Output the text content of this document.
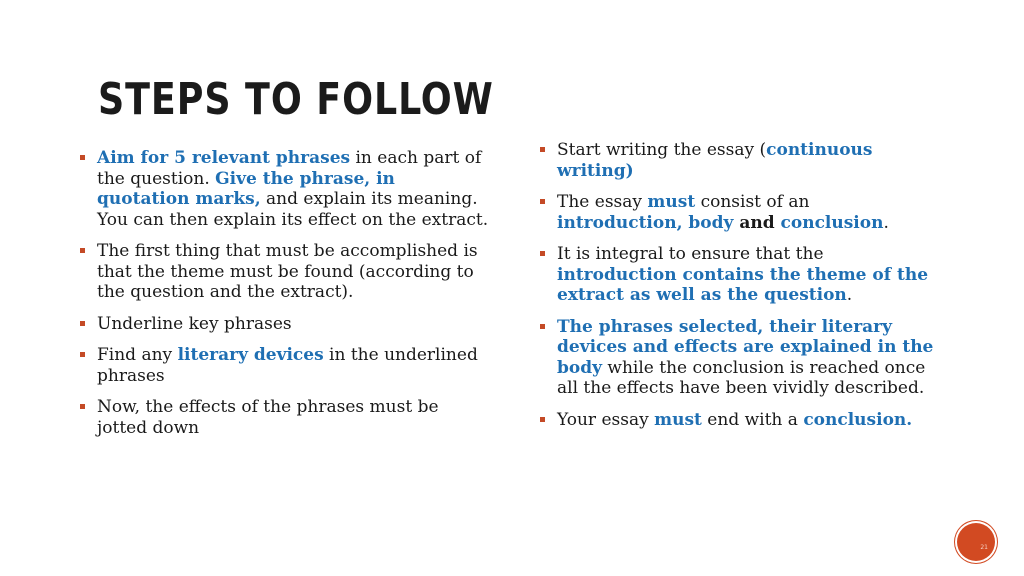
STEPS TO FOLLOW
Aim for 5 relevant phrases in each part of the question. Give the phrase, in quotation marks, and explain its meaning. You can then explain its effect on the extract.
The first thing that must be accomplished is that the theme must be found (according to the question and the extract).
Underline key phrases
Find any literary devices in the underlined phrases
Now, the effects of the phrases must be jotted down
Start writing the essay (continuous writing)
The essay must consist of an introduction, body and conclusion.
It is integral to ensure that the introduction contains the theme of the extract as well as the question.
The phrases selected, their literary devices and effects are explained in the body while the conclusion is reached once all the effects have been vividly described.
Your essay must end with a conclusion.
21
